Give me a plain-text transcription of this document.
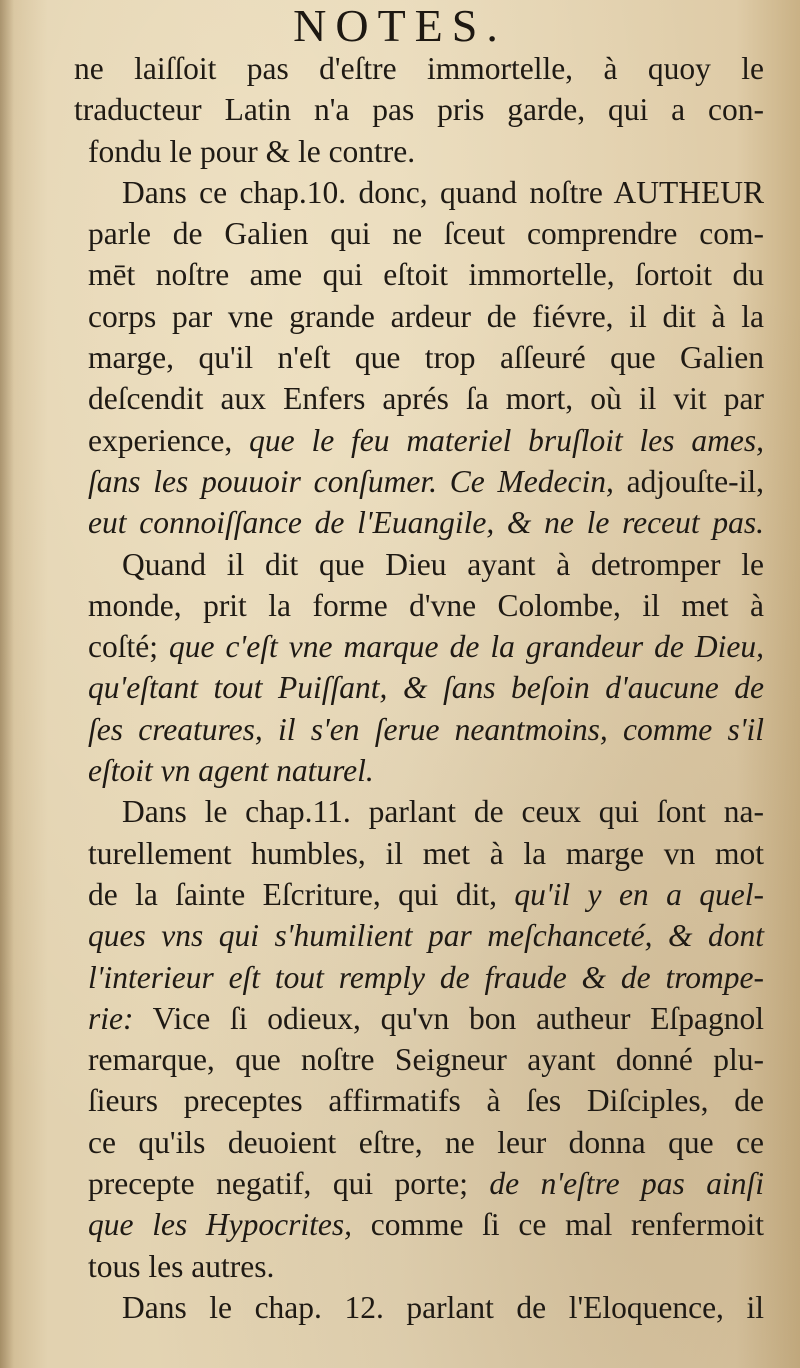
NOTES.
ne laiſſoit pas d'eſtre immortelle, à quoy le
traducteur Latin n'a pas pris garde, qui a con-
fondu le pour & le contre.
Dans ce chap.10. donc, quand noſtre AUTHEUR
parle de Galien qui ne ſceut comprendre com-
mēt noſtre ame qui eſtoit immortelle, ſortoit du
corps par vne grande ardeur de fiévre, il dit à la
marge, qu'il n'eſt que trop aſſeuré que Galien
deſcendit aux Enfers aprés ſa mort, où il vit par
experience, que le feu materiel bruſloit les ames,
ſans les pouuoir conſumer. Ce Medecin, adjouſte-il,
eut connoiſſance de l'Euangile, & ne le receut pas.
Quand il dit que Dieu ayant à detromper le
monde, prit la forme d'vne Colombe, il met à
coſté; que c'eſt vne marque de la grandeur de Dieu,
qu'eſtant tout Puiſſant, & ſans beſoin d'aucune de
ſes creatures, il s'en ſerue neantmoins, comme s'il
eſtoit vn agent naturel.
Dans le chap.11. parlant de ceux qui ſont na-
turellement humbles, il met à la marge vn mot
de la ſainte Eſcriture, qui dit, qu'il y en a quel-
ques vns qui s'humilient par meſchanceté, & dont
l'interieur eſt tout remply de fraude & de trompe-
rie: Vice ſi odieux, qu'vn bon autheur Eſpagnol
remarque, que noſtre Seigneur ayant donné plu-
ſieurs preceptes affirmatifs à ſes Diſciples, de
ce qu'ils deuoient eſtre, ne leur donna que ce
precepte negatif, qui porte; de n'eſtre pas ainſi
que les Hypocrites, comme ſi ce mal renfermoit
tous les autres.
Dans le chap. 12. parlant de l'Eloquence, il
